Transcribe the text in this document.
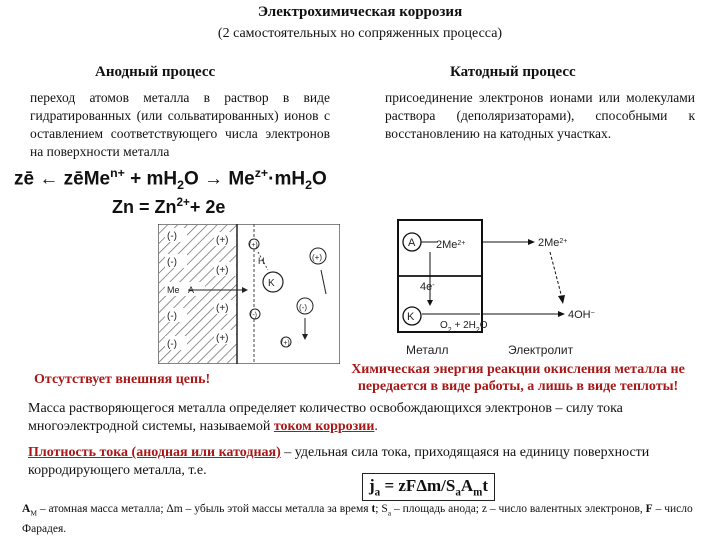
Электрохимическая коррозия
(2 самостоятельных но сопряженных процесса)
Анодный процесс	Катодный процесс
переход атомов металла в раствор в виде гидратированных (или сольватированных) ионов с оставлением соответствующего числа электронов на поверхности металла
присоединение электронов ионами или молекулами раствора (деполяризаторами), способными к восстановлению на катодных участках.
zē ← zēMe$^{n+}$ + $mH_2O \to Me^{z+}\cdot mH_2O$
$Zn = Zn^{2+}+ 2e$
(-)
(-)
(-)
(-)
(+)
(+)
(+)
(+)
Me A
H
K
(+)
(-)
(+)
(-)
(+)
$2Me^{2+}$
A
4e-
K
$O_2 + 2H_2O$
$2Me^{2+}$
4OH−
Металл	Электролит
Отсутствует внешняя цепь!
Химическая энергия реакции окисления металла не передается в виде работы, а лишь в виде теплоты!
Масса растворяющегося металла определяет количество освобождающихся электронов – силу тока многоэлектродной системы, называемой током коррозии.
Плотность тока (анодная или катодная) – удельная сила тока, приходящаяся на единицу поверхности корродирующего металла, т.е.
$j_a = zF\Delta m/S_aA_mt$
$A_M$ – атомная масса металла; Δm – убыль этой массы металла за время t; $S_a$ – площадь анода; z – число валентных электронов, F – число Фарадея.
